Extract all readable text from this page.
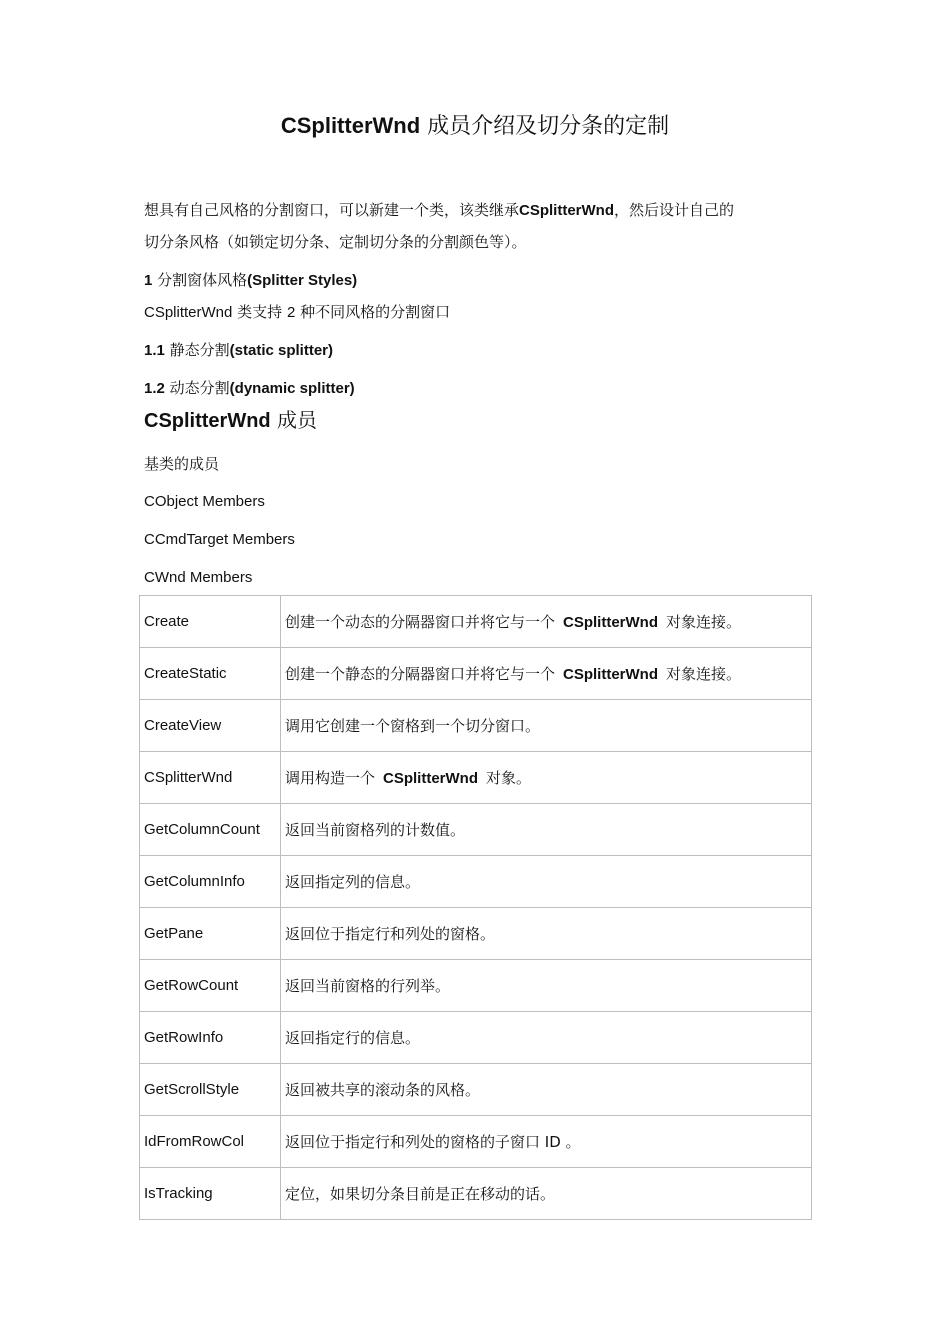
CSplitterWnd 成员介绍及切分条的定制
想具有自己风格的分割窗口，可以新建一个类，该类继承CSplitterWnd，然后设计自己的
切分条风格（如锁定切分条、定制切分条的分割颜色等）。
1 分割窗体风格(Splitter Styles)
CSplitterWnd 类支持 2 种不同风格的分割窗口
1.1 静态分割(static splitter)
1.2 动态分割(dynamic splitter)
CSplitterWnd 成员
基类的成员
CObject Members
CCmdTarget Members
CWnd Members
Create	创建一个动态的分隔器窗口并将它与一个 CSplitterWnd 对象连接。
CreateStatic	创建一个静态的分隔器窗口并将它与一个 CSplitterWnd 对象连接。
CreateView	调用它创建一个窗格到一个切分窗口。
CSplitterWnd	调用构造一个 CSplitterWnd 对象。
GetColumnCount	返回当前窗格列的计数值。
GetColumnInfo	返回指定列的信息。
GetPane	返回位于指定行和列处的窗格。
GetRowCount	返回当前窗格的行列举。
GetRowInfo	返回指定行的信息。
GetScrollStyle	返回被共享的滚动条的风格。
IdFromRowCol	返回位于指定行和列处的窗格的子窗口 ID 。
IsTracking	定位，如果切分条目前是正在移动的话。
